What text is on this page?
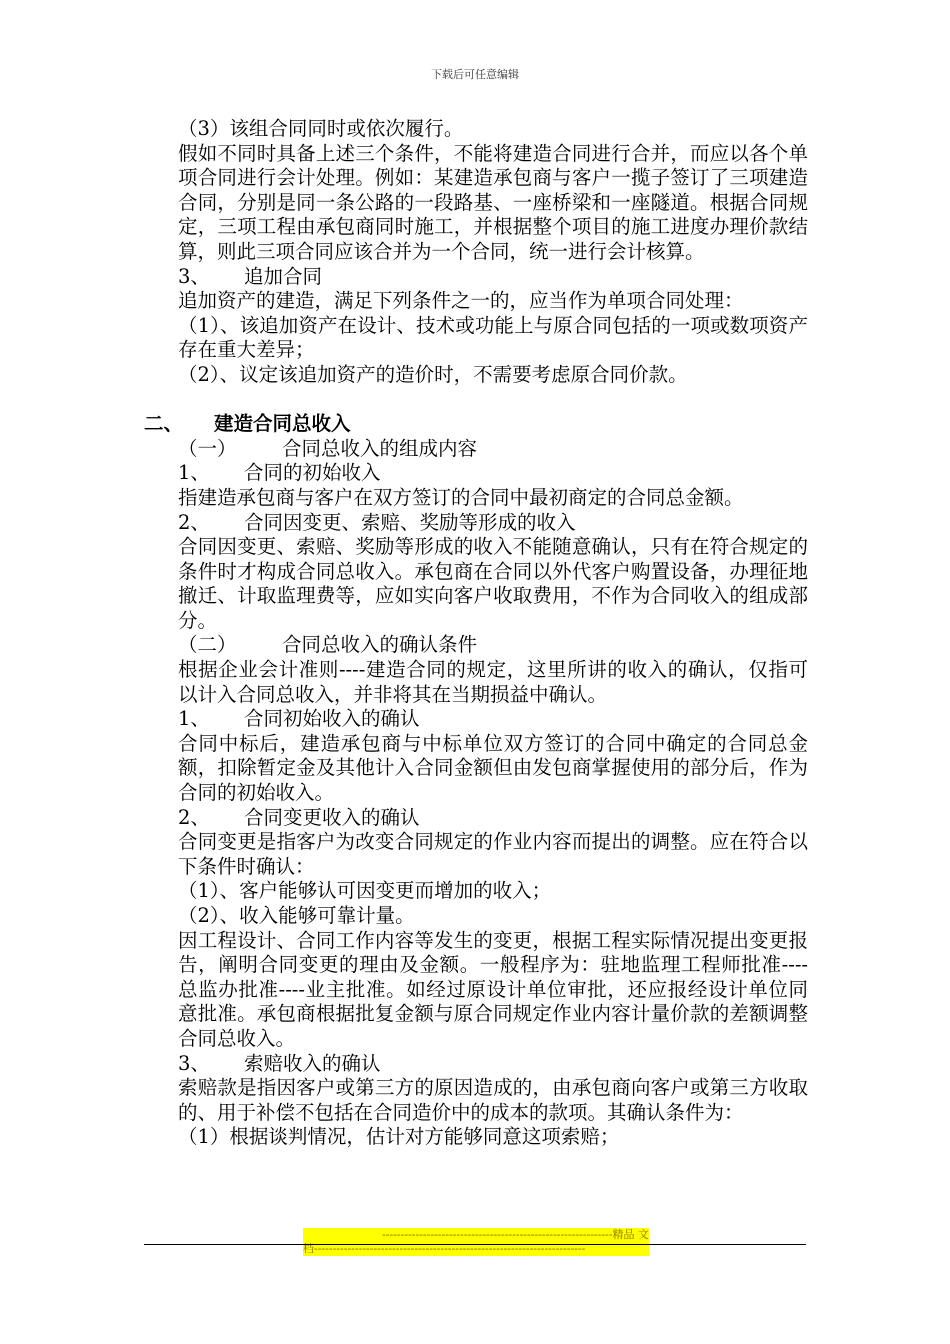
下载后可任意编辑

（3）该组合同同时或依次履行。

假如不同时具备上述三个条件，不能将建造合同进行合并，而应以各个单项合同进行会计处理。例如：某建造承包商与客户一揽子签订了三项建造合同，分别是同一条公路的一段路基、一座桥梁和一座隧道。根据合同规定，三项工程由承包商同时施工，并根据整个项目的施工进度办理价款结算，则此三项合同应该合并为一个合同，统一进行会计核算。

3、 追加合同

追加资产的建造，满足下列条件之一的，应当作为单项合同处理：

（1）、该追加资产在设计、技术或功能上与原合同包括的一项或数项资产存在重大差异；

（2）、议定该追加资产的造价时，不需要考虑原合同价款。

二、 建造合同总收入

（一） 合同总收入的组成内容

1、 合同的初始收入

指建造承包商与客户在双方签订的合同中最初商定的合同总金额。

2、 合同因变更、索赔、奖励等形成的收入

合同因变更、索赔、奖励等形成的收入不能随意确认，只有在符合规定的条件时才构成合同总收入。承包商在合同以外代客户购置设备，办理征地撤迁、计取监理费等，应如实向客户收取费用，不作为合同收入的组成部分。

（二） 合同总收入的确认条件

根据企业会计准则----建造合同的规定，这里所讲的收入的确认，仅指可以计入合同总收入，并非将其在当期损益中确认。

1、 合同初始收入的确认

合同中标后，建造承包商与中标单位双方签订的合同中确定的合同总金额，扣除暂定金及其他计入合同金额但由发包商掌握使用的部分后，作为合同的初始收入。

2、 合同变更收入的确认

合同变更是指客户为改变合同规定的作业内容而提出的调整。应在符合以下条件时确认：

（1）、客户能够认可因变更而增加的收入；

（2）、收入能够可靠计量。

因工程设计、合同工作内容等发生的变更，根据工程实际情况提出变更报告，阐明合同变更的理由及金额。一般程序为：驻地监理工程师批准----总监办批准----业主批准。如经过原设计单位审批，还应报经设计单位同意批准。承包商根据批复金额与原合同规定作业内容计量价款的差额调整合同总收入。

3、 索赔收入的确认

索赔款是指因客户或第三方的原因造成的，由承包商向客户或第三方收取的、用于补偿不包括在合同造价中的成本的款项。其确认条件为：

（1）根据谈判情况，估计对方能够同意这项索赔；

--------------------------------------------------------------精品 文
档-------------------------------------------------------------------------
